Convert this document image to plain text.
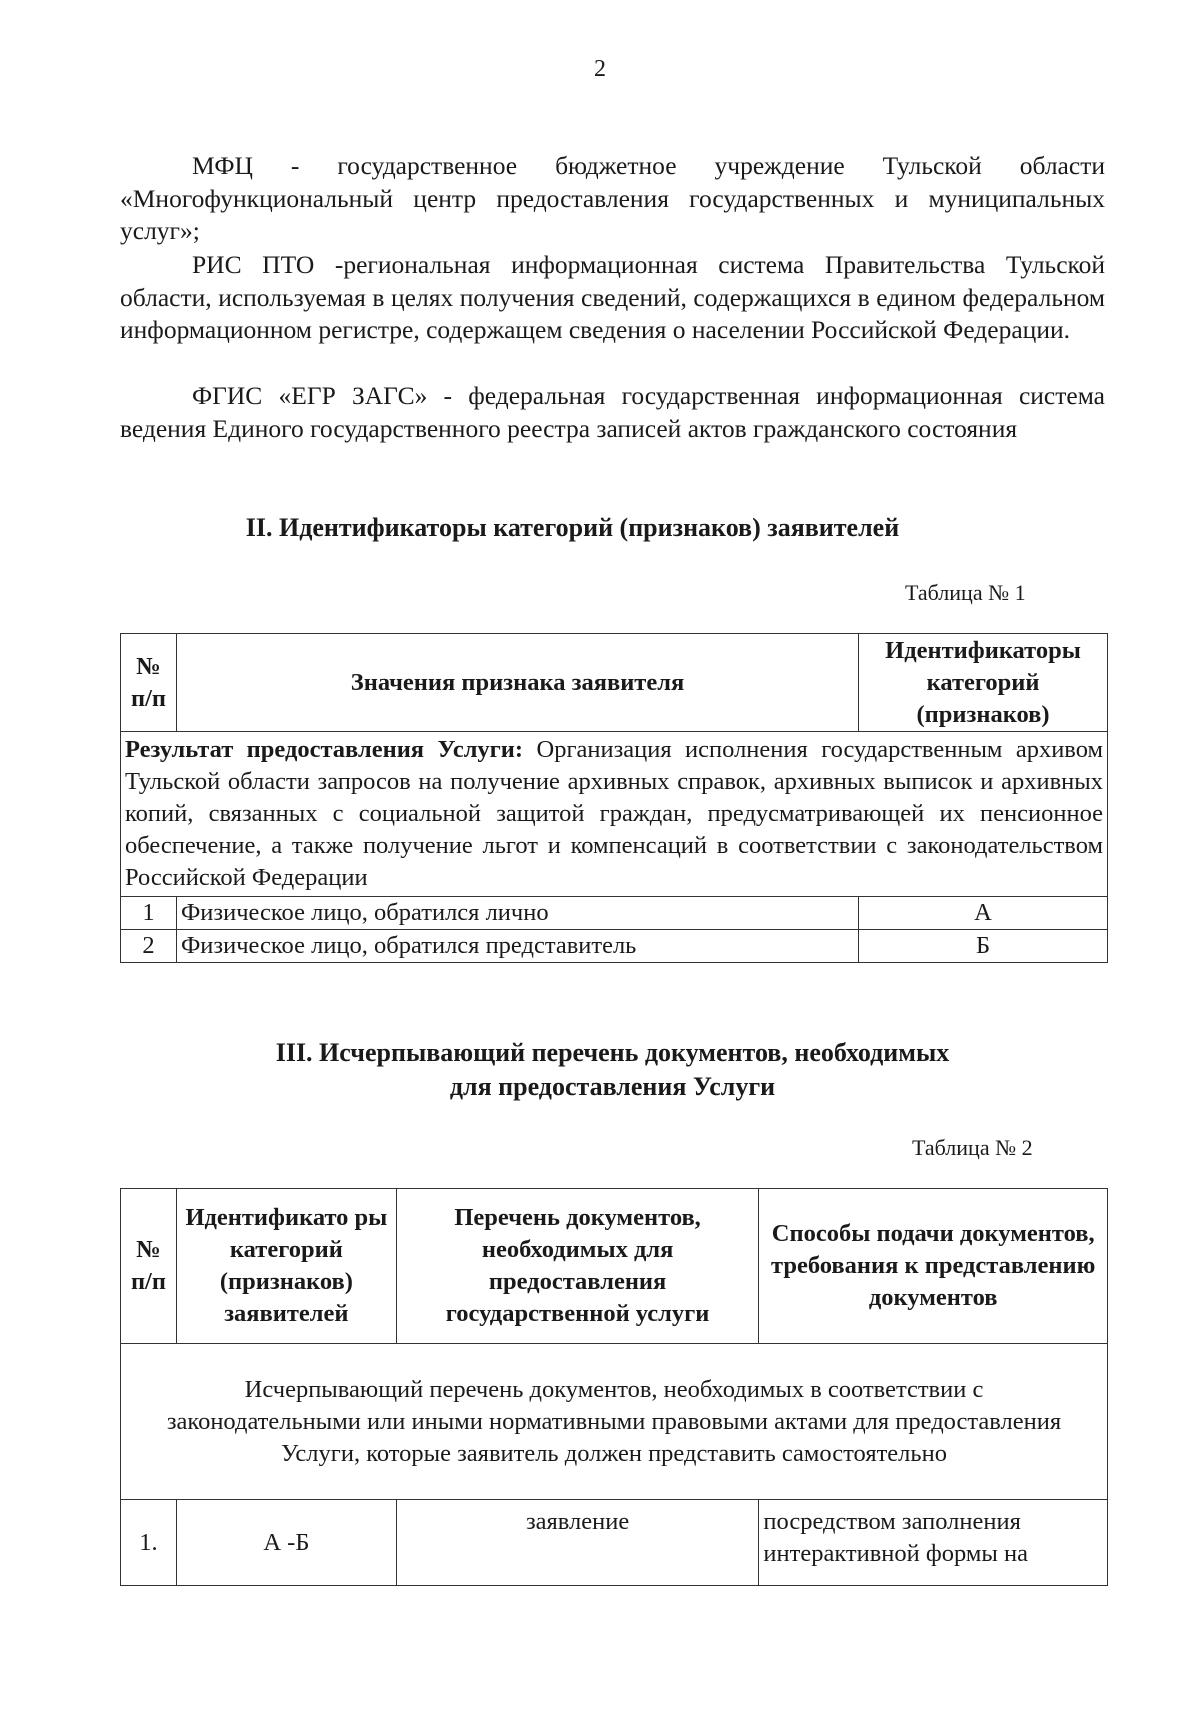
2
МФЦ - государственное бюджетное учреждение Тульской области «Многофункциональный центр предоставления государственных и муниципальных услуг»;
РИС ПТО -региональная информационная система Правительства Тульской области, используемая в целях получения сведений, содержащихся в едином федеральном информационном регистре, содержащем сведения о населении Российской Федерации.
ФГИС «ЕГР ЗАГС» - федеральная государственная информационная система ведения Единого государственного реестра записей актов гражданского состояния
II. Идентификаторы категорий (признаков) заявителей
Таблица № 1
№ п/п	Значения признака заявителя	Идентификаторы категорий (признаков)
Результат предоставления Услуги: Организация исполнения государственным архивом Тульской области запросов на получение архивных справок, архивных выписок и архивных копий, связанных с социальной защитой граждан, предусматривающей их пенсионное обеспечение, а также получение льгот и компенсаций в соответствии с законодательством Российской Федерации		
1	Физическое лицо, обратился лично	А
2	Физическое лицо, обратился представитель	Б
III. Исчерпывающий перечень документов, необходимых
для предоставления Услуги
Таблица № 2
№ п/п	Идентификато ры категорий (признаков) заявителей	Перечень документов, необходимых для предоставления государственной услуги	Способы подачи документов, требования к представлению документов
Исчерпывающий перечень документов, необходимых в соответствии с законодательными или иными нормативными правовыми актами для предоставления Услуги, которые заявитель должен представить самостоятельно			
1.	А -Б	заявление	посредством заполнения интерактивной формы на
